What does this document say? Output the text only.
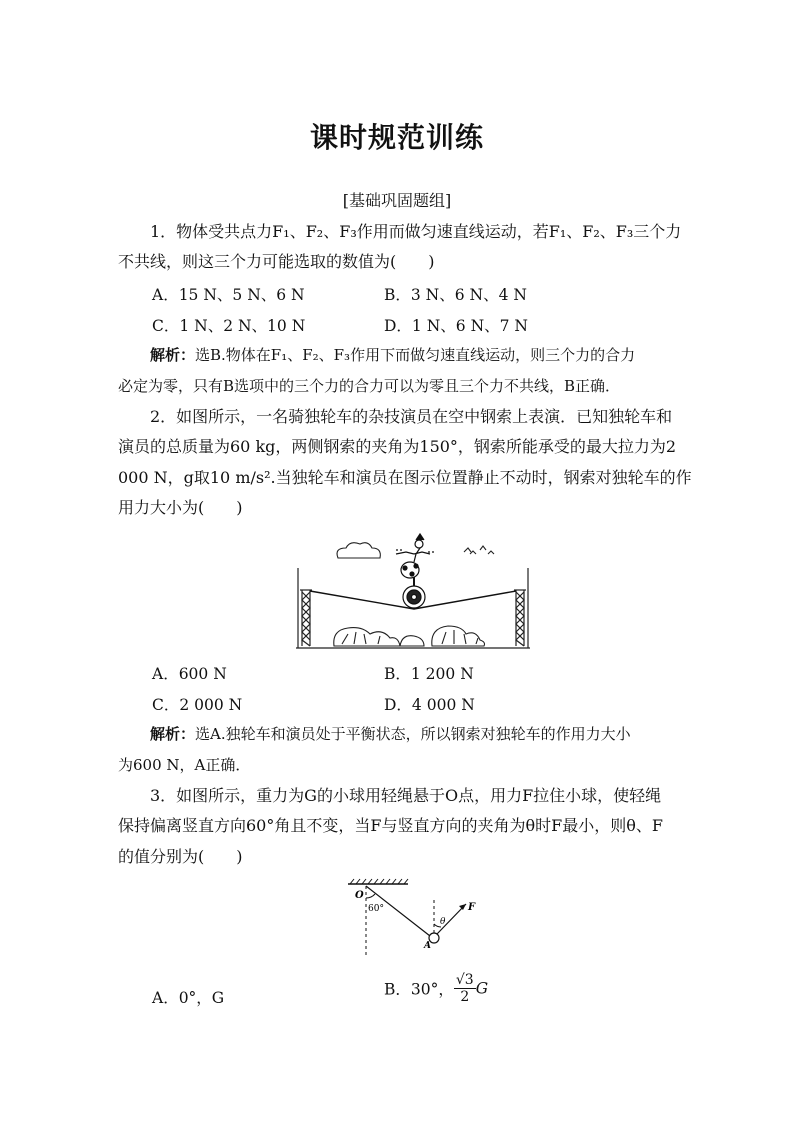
课时规范训练
[基础巩固题组]
1．物体受共点力F₁、F₂、F₃作用而做匀速直线运动，若F₁、F₂、F₃三个力
不共线，则这三个力可能选取的数值为(　　)
A．15 N、5 N、6 N	B．3 N、6 N、4 N
C．1 N、2 N、10 N	D．1 N、6 N、7 N
解析：选B.物体在F₁、F₂、F₃作用下而做匀速直线运动，则三个力的合力
必定为零，只有B选项中的三个力的合力可以为零且三个力不共线，B正确．
2．如图所示，一名骑独轮车的杂技演员在空中钢索上表演．已知独轮车和
演员的总质量为60 kg，两侧钢索的夹角为150°，钢索所能承受的最大拉力为2
000 N，g取10 m/s².当独轮车和演员在图示位置静止不动时，钢索对独轮车的作
用力大小为(　　)
A．600 N	B．1 200 N
C．2 000 N	D．4 000 N
解析：选A.独轮车和演员处于平衡状态，所以钢索对独轮车的作用力大小
为600 N，A正确．
3．如图所示，重力为G的小球用轻绳悬于O点，用力F拉住小球，使轻绳
保持偏离竖直方向60°角且不变，当F与竖直方向的夹角为θ时F最小，则θ、F
的值分别为(　　)
O
60°
A
θ
F
A．0°，G	B．30°， $\frac{√3}{2}$ G
